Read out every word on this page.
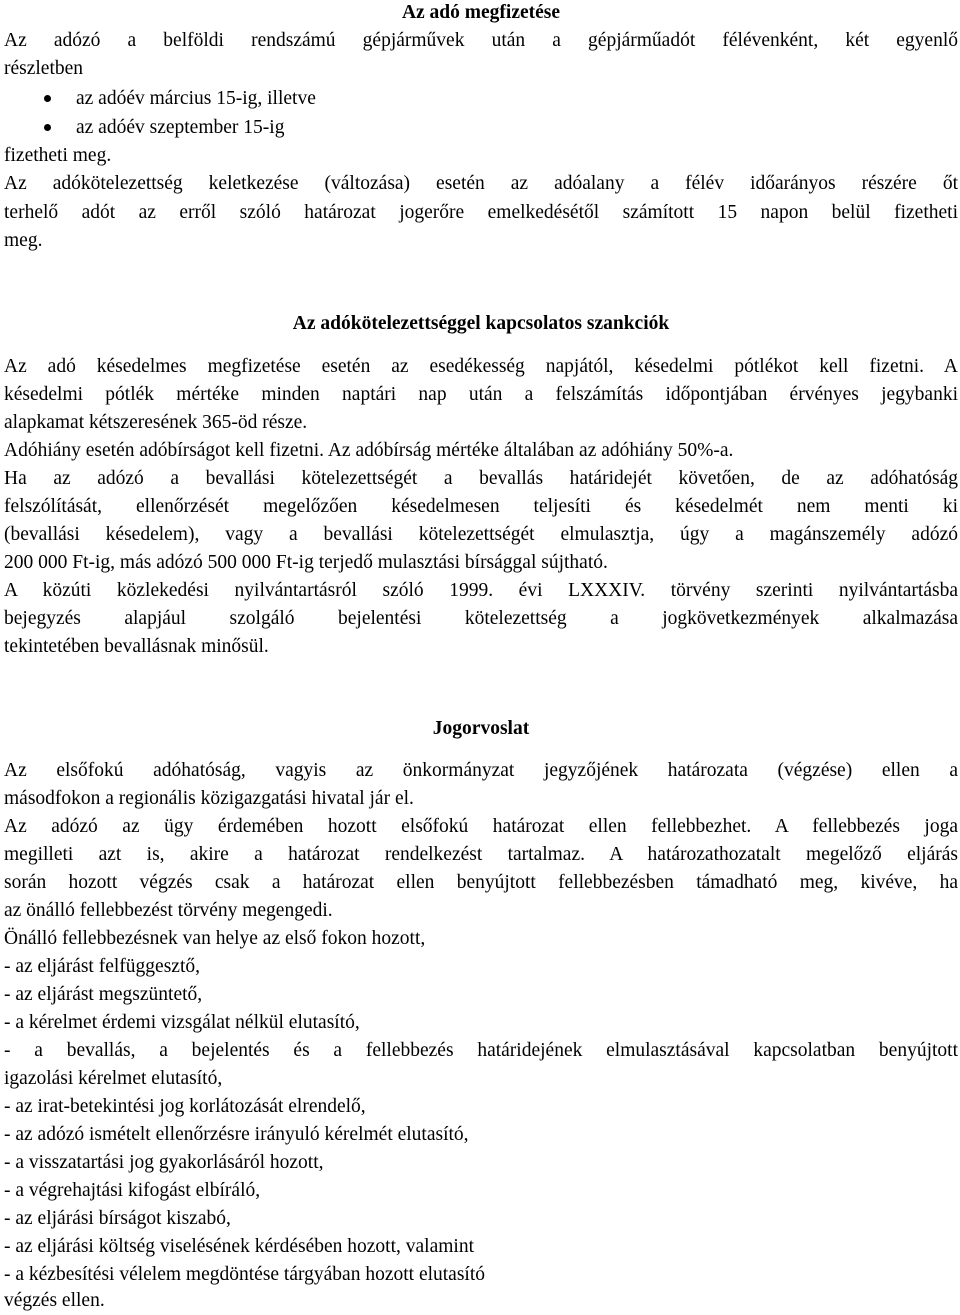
Az adó megfizetése
Az adózó a belföldi rendszámú gépjárművek után a gépjárműadót félévenként, két egyenlő
részletben
az adóév március 15-ig, illetve
az adóév szeptember 15-ig
fizetheti meg.
Az adókötelezettség keletkezése (változása) esetén az adóalany a félév időarányos részére őt
terhelő adót az erről szóló határozat jogerőre emelkedésétől számított 15 napon belül fizetheti
meg.
Az adókötelezettséggel kapcsolatos szankciók
Az adó késedelmes megfizetése esetén az esedékesség napjától, késedelmi pótlékot kell fizetni. A
késedelmi pótlék mértéke minden naptári nap után a felszámítás időpontjában érvényes jegybanki
alapkamat kétszeresének 365-öd része.
Adóhiány esetén adóbírságot kell fizetni. Az adóbírság mértéke általában az adóhiány 50%-a.
Ha az adózó a bevallási kötelezettségét a bevallás határidejét követően, de az adóhatóság
felszólítását, ellenőrzését megelőzően késedelmesen teljesíti és késedelmét nem menti ki
(bevallási késedelem), vagy a bevallási kötelezettségét elmulasztja, úgy a magánszemély adózó
200 000 Ft-ig, más adózó 500 000 Ft-ig terjedő mulasztási bírsággal sújtható.
A közúti közlekedési nyilvántartásról szóló 1999. évi LXXXIV. törvény szerinti nyilvántartásba
bejegyzés alapjául szolgáló bejelentési kötelezettség a jogkövetkezmények alkalmazása
tekintetében bevallásnak minősül.
Jogorvoslat
Az elsőfokú adóhatóság, vagyis az önkormányzat jegyzőjének határozata (végzése) ellen a
másodfokon a regionális közigazgatási hivatal jár el.
Az adózó az ügy érdemében hozott elsőfokú határozat ellen fellebbezhet. A fellebbezés joga
megilleti azt is, akire a határozat rendelkezést tartalmaz. A határozathozatalt megelőző eljárás
során hozott végzés csak a határozat ellen benyújtott fellebbezésben támadható meg, kivéve, ha
az önálló fellebbezést törvény megengedi.
Önálló fellebbezésnek van helye az első fokon hozott,
- az eljárást felfüggesztő,
- az eljárást megszüntető,
- a kérelmet érdemi vizsgálat nélkül elutasító,
- a bevallás, a bejelentés és a fellebbezés határidejének elmulasztásával kapcsolatban benyújtott
igazolási kérelmet elutasító,
- az irat-betekintési jog korlátozását elrendelő,
- az adózó ismételt ellenőrzésre irányuló kérelmét elutasító,
- a visszatartási jog gyakorlásáról hozott,
- a végrehajtási kifogást elbíráló,
- az eljárási bírságot kiszabó,
- az eljárási költség viselésének kérdésében hozott, valamint
- a kézbesítési vélelem megdöntése tárgyában hozott elutasító
végzés ellen.
